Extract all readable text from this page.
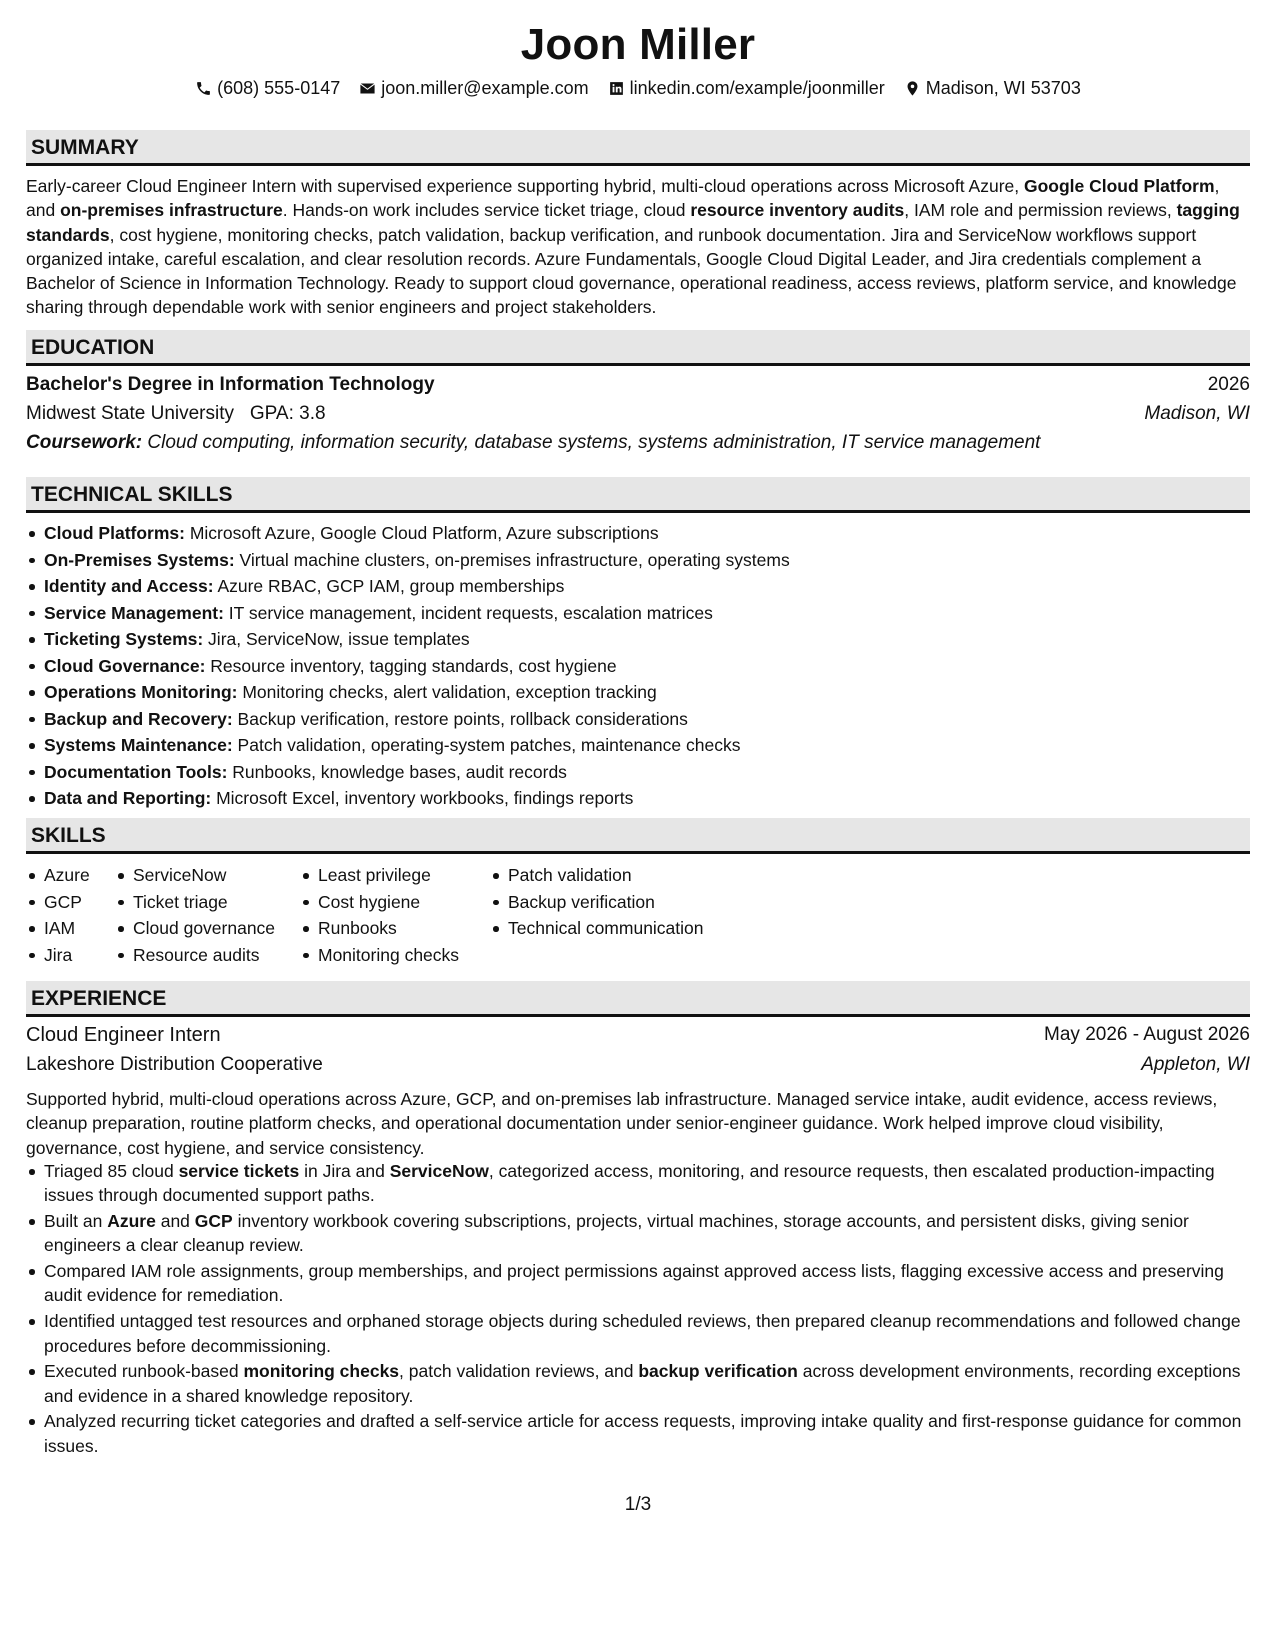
Joon Miller
(608) 555-0147
joon.miller@example.com
linkedin.com/example/joonmiller
Madison, WI 53703
SUMMARY
Early-career Cloud Engineer Intern with supervised experience supporting hybrid, multi-cloud operations across Microsoft Azure, Google Cloud Platform, and on-premises infrastructure. Hands-on work includes service ticket triage, cloud resource inventory audits, IAM role and permission reviews, tagging standards, cost hygiene, monitoring checks, patch validation, backup verification, and runbook documentation. Jira and ServiceNow workflows support organized intake, careful escalation, and clear resolution records. Azure Fundamentals, Google Cloud Digital Leader, and Jira credentials complement a Bachelor of Science in Information Technology. Ready to support cloud governance, operational readiness, access reviews, platform service, and knowledge sharing through dependable work with senior engineers and project stakeholders.
EDUCATION
Bachelor's Degree in Information Technology	2026
Midwest State University GPA: 3.8	Madison, WI
Coursework: Cloud computing, information security, database systems, systems administration, IT service management
TECHNICAL SKILLS
Cloud Platforms: Microsoft Azure, Google Cloud Platform, Azure subscriptions
On-Premises Systems: Virtual machine clusters, on-premises infrastructure, operating systems
Identity and Access: Azure RBAC, GCP IAM, group memberships
Service Management: IT service management, incident requests, escalation matrices
Ticketing Systems: Jira, ServiceNow, issue templates
Cloud Governance: Resource inventory, tagging standards, cost hygiene
Operations Monitoring: Monitoring checks, alert validation, exception tracking
Backup and Recovery: Backup verification, restore points, rollback considerations
Systems Maintenance: Patch validation, operating-system patches, maintenance checks
Documentation Tools: Runbooks, knowledge bases, audit records
Data and Reporting: Microsoft Excel, inventory workbooks, findings reports
SKILLS
Azure
GCP
IAM
Jira
ServiceNow
Ticket triage
Cloud governance
Resource audits
Least privilege
Cost hygiene
Runbooks
Monitoring checks
Patch validation
Backup verification
Technical communication
EXPERIENCE
Cloud Engineer Intern	May 2026 - August 2026
Lakeshore Distribution Cooperative	Appleton, WI
Supported hybrid, multi-cloud operations across Azure, GCP, and on-premises lab infrastructure. Managed service intake, audit evidence, access reviews, cleanup preparation, routine platform checks, and operational documentation under senior-engineer guidance. Work helped improve cloud visibility, governance, cost hygiene, and service consistency.
Triaged 85 cloud service tickets in Jira and ServiceNow, categorized access, monitoring, and resource requests, then escalated production-impacting issues through documented support paths.
Built an Azure and GCP inventory workbook covering subscriptions, projects, virtual machines, storage accounts, and persistent disks, giving senior engineers a clear cleanup review.
Compared IAM role assignments, group memberships, and project permissions against approved access lists, flagging excessive access and preserving audit evidence for remediation.
Identified untagged test resources and orphaned storage objects during scheduled reviews, then prepared cleanup recommendations and followed change procedures before decommissioning.
Executed runbook-based monitoring checks, patch validation reviews, and backup verification across development environments, recording exceptions and evidence in a shared knowledge repository.
Analyzed recurring ticket categories and drafted a self-service article for access requests, improving intake quality and first-response guidance for common issues.
1/3
